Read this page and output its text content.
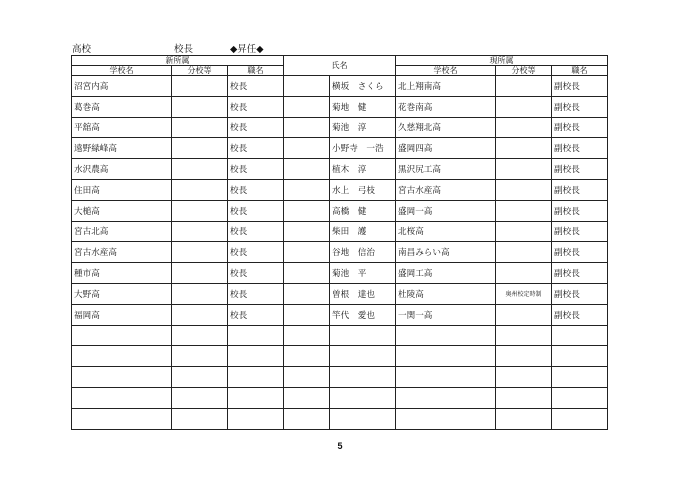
高校	校長	◆昇任◆
新所属			氏名		現所属		
学校名	分校等	職名			学校名	分校等	職名
沼宮内高		校長		横坂　さくら	北上翔南高		副校長
葛巻高		校長		菊地　健	花巻南高		副校長
平舘高		校長		菊池　淳	久慈翔北高		副校長
遠野緑峰高		校長		小野寺　一浩	盛岡四高		副校長
水沢農高		校長		植木　淳	黒沢尻工高		副校長
住田高		校長		水上　弓枝	宮古水産高		副校長
大槌高		校長		高橋　健	盛岡一高		副校長
宮古北高		校長		柴田　護	北桜高		副校長
宮古水産高		校長		谷地　信治	南昌みらい高		副校長
種市高		校長		菊池　平	盛岡工高		副校長
大野高		校長		曽根　達也	杜陵高	奥州校定時制	副校長
福岡高		校長		竿代　愛也	一関一高		副校長

5
